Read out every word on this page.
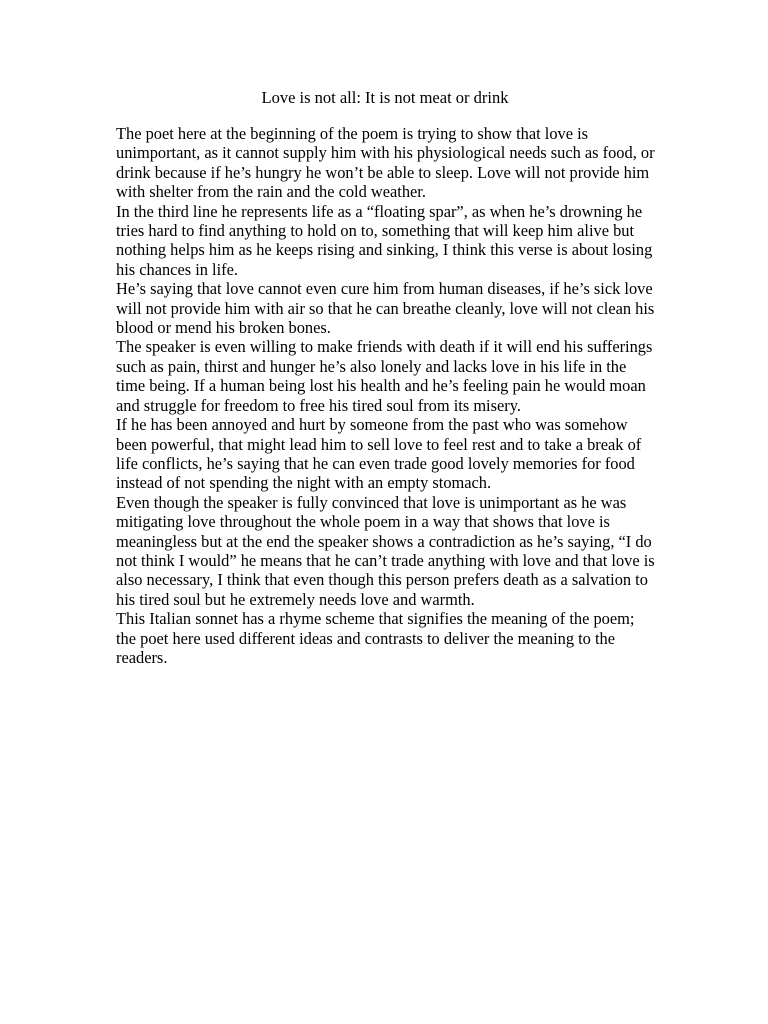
Love is not all: It is not meat or drink

The poet here at the beginning of the poem is trying to show that love is unimportant, as it cannot supply him with his physiological needs such as food, or drink because if he’s hungry he won’t be able to sleep. Love will not provide him with shelter from the rain and the cold weather.

In the third line he represents life as a “floating spar”, as when he’s drowning he tries hard to find anything to hold on to, something that will keep him alive but nothing helps him as he keeps rising and sinking, I think this verse is about losing his chances in life.

He’s saying that love cannot even cure him from human diseases, if he’s sick love will not provide him with air so that he can breathe cleanly, love will not clean his blood or mend his broken bones.

The speaker is even willing to make friends with death if it will end his sufferings such as pain, thirst and hunger he’s also lonely and lacks love in his life in the time being. If a human being lost his health and he’s feeling pain he would moan and struggle for freedom to free his tired soul from its misery.

If he has been annoyed and hurt by someone from the past who was somehow been powerful, that might lead him to sell love to feel rest and to take a break of life conflicts, he’s saying that he can even trade good lovely memories for food instead of not spending the night with an empty stomach.

Even though the speaker is fully convinced that love is unimportant as he was mitigating love throughout the whole poem in a way that shows that love is meaningless but at the end the speaker shows a contradiction as he’s saying, “I do not think I would” he means that he can’t trade anything with love and that love is also necessary, I think that even though this person prefers death as a salvation to his tired soul but he extremely needs love and warmth.

This Italian sonnet has a rhyme scheme that signifies the meaning of the poem; the poet here used different ideas and contrasts to deliver the meaning to the readers.
